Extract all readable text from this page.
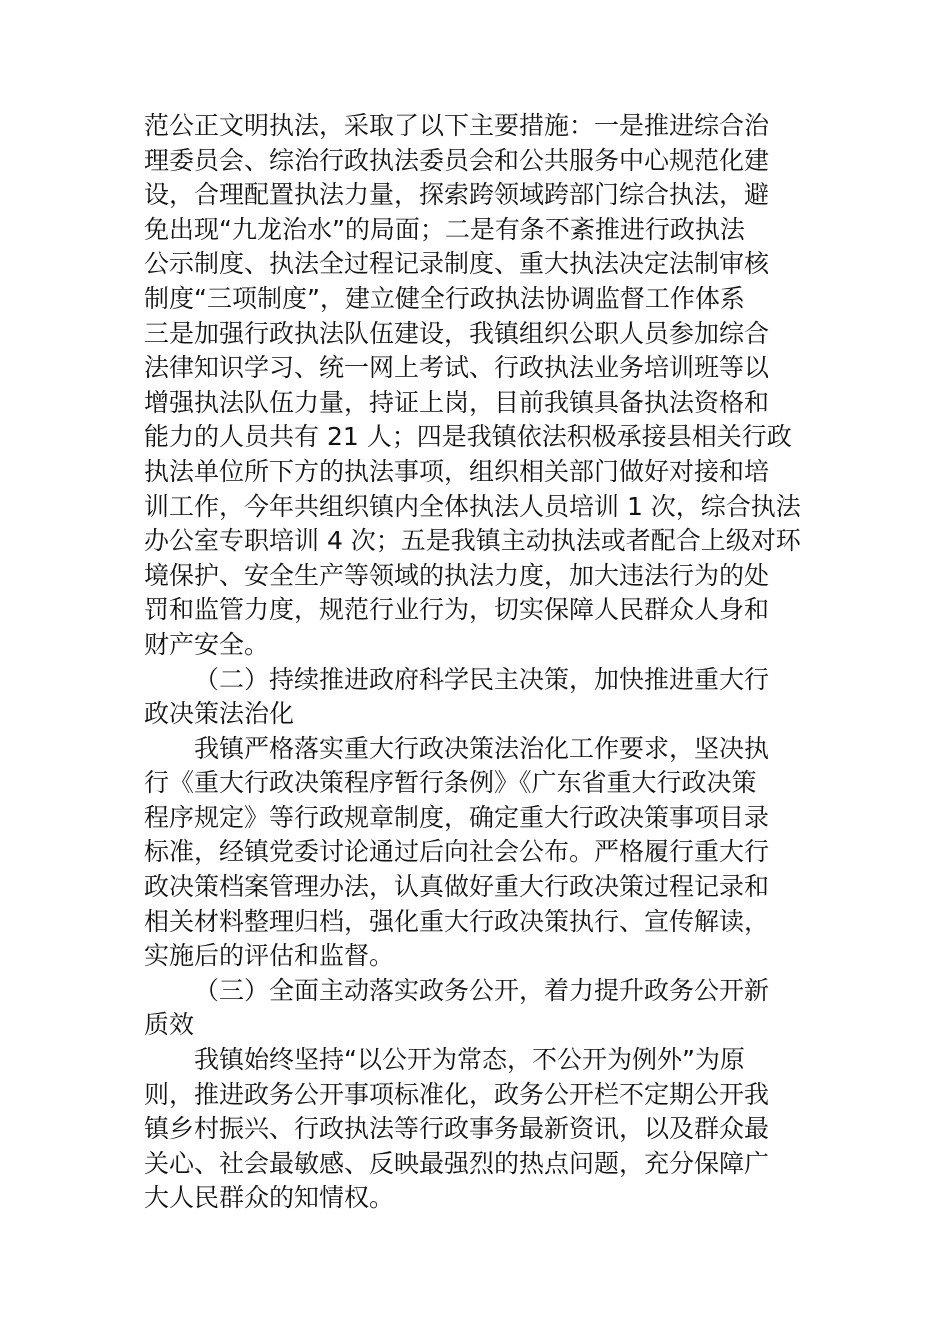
范公正文明执法，采取了以下主要措施：一是推进综合治
理委员会、综治行政执法委员会和公共服务中心规范化建
设，合理配置执法力量，探索跨领域跨部门综合执法，避
免出现“九龙治水”的局面；二是有条不紊推进行政执法
公示制度、执法全过程记录制度、重大执法决定法制审核
制度“三项制度”，建立健全行政执法协调监督工作体系
三是加强行政执法队伍建设，我镇组织公职人员参加综合
法律知识学习、统一网上考试、行政执法业务培训班等以
增强执法队伍力量，持证上岗，目前我镇具备执法资格和
能力的人员共有 21 人；四是我镇依法积极承接县相关行政
执法单位所下方的执法事项，组织相关部门做好对接和培
训工作，今年共组织镇内全体执法人员培训 1 次，综合执法
办公室专职培训 4 次；五是我镇主动执法或者配合上级对环
境保护、安全生产等领域的执法力度，加大违法行为的处
罚和监管力度，规范行业行为，切实保障人民群众人身和
财产安全。
（二）持续推进政府科学民主决策，加快推进重大行
政决策法治化
我镇严格落实重大行政决策法治化工作要求，坚决执
行《重大行政决策程序暂行条例》《广东省重大行政决策
程序规定》等行政规章制度，确定重大行政决策事项目录
标准，经镇党委讨论通过后向社会公布。严格履行重大行
政决策档案管理办法，认真做好重大行政决策过程记录和
相关材料整理归档，强化重大行政决策执行、宣传解读，
实施后的评估和监督。
（三）全面主动落实政务公开，着力提升政务公开新
质效
我镇始终坚持“以公开为常态，不公开为例外”为原
则，推进政务公开事项标准化，政务公开栏不定期公开我
镇乡村振兴、行政执法等行政事务最新资讯，以及群众最
关心、社会最敏感、反映最强烈的热点问题，充分保障广
大人民群众的知情权。
